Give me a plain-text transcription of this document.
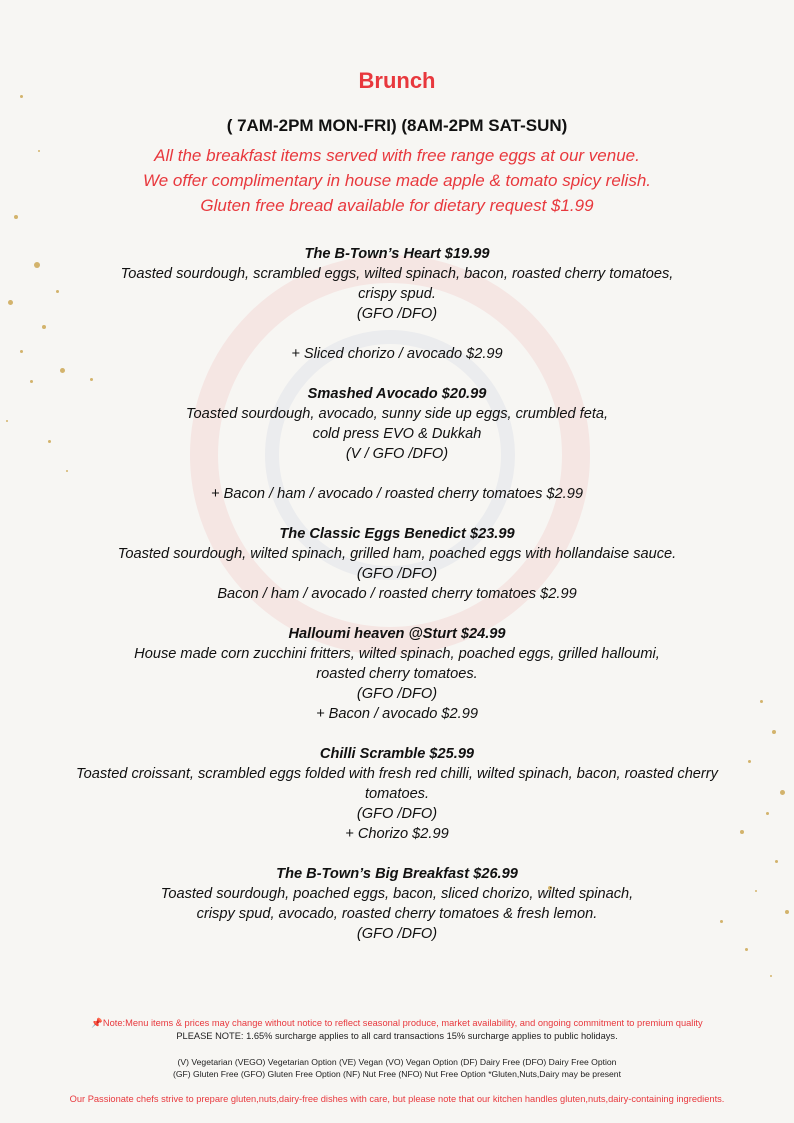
Brunch
( 7AM-2PM MON-FRI) (8AM-2PM SAT-SUN)
All the breakfast items served with free range eggs at our venue.
We offer complimentary in house made apple & tomato spicy relish.
Gluten free bread available for dietary request $1.99
The B-Town’s Heart $19.99
Toasted sourdough, scrambled eggs, wilted spinach, bacon, roasted cherry tomatoes,
crispy spud.
(GFO /DFO)
+ Sliced chorizo / avocado $2.99
Smashed Avocado $20.99
Toasted sourdough, avocado, sunny side up eggs, crumbled feta,
cold press EVO & Dukkah
(V / GFO /DFO)
+ Bacon / ham / avocado / roasted cherry tomatoes $2.99
The Classic Eggs Benedict $23.99
Toasted sourdough, wilted spinach, grilled ham, poached eggs with hollandaise sauce.
(GFO /DFO)
Bacon / ham / avocado / roasted cherry tomatoes $2.99
Halloumi heaven @Sturt $24.99
House made corn zucchini fritters, wilted spinach, poached eggs, grilled halloumi,
roasted cherry tomatoes.
(GFO /DFO)
+ Bacon / avocado $2.99
Chilli Scramble $25.99
Toasted croissant, scrambled eggs folded with fresh red chilli, wilted spinach, bacon, roasted cherry
tomatoes.
(GFO /DFO)
+ Chorizo $2.99
The B-Town’s Big Breakfast $26.99
Toasted sourdough, poached eggs, bacon, sliced chorizo, wilted spinach,
crispy spud, avocado, roasted cherry tomatoes & fresh lemon.
(GFO /DFO)
📌Note:Menu items & prices may change without notice to reflect seasonal produce, market availability, and ongoing commitment to premium quality
PLEASE NOTE: 1.65% surcharge applies to all card transactions 15% surcharge applies to public holidays.
(V) Vegetarian (VEGO) Vegetarian Option (VE) Vegan (VO) Vegan Option (DF) Dairy Free (DFO) Dairy Free Option
(GF) Gluten Free (GFO) Gluten Free Option (NF) Nut Free (NFO) Nut Free Option *Gluten,Nuts,Dairy may be present
Our Passionate chefs strive to prepare gluten,nuts,dairy-free dishes with care, but please note that our kitchen handles gluten,nuts,dairy-containing ingredients.
